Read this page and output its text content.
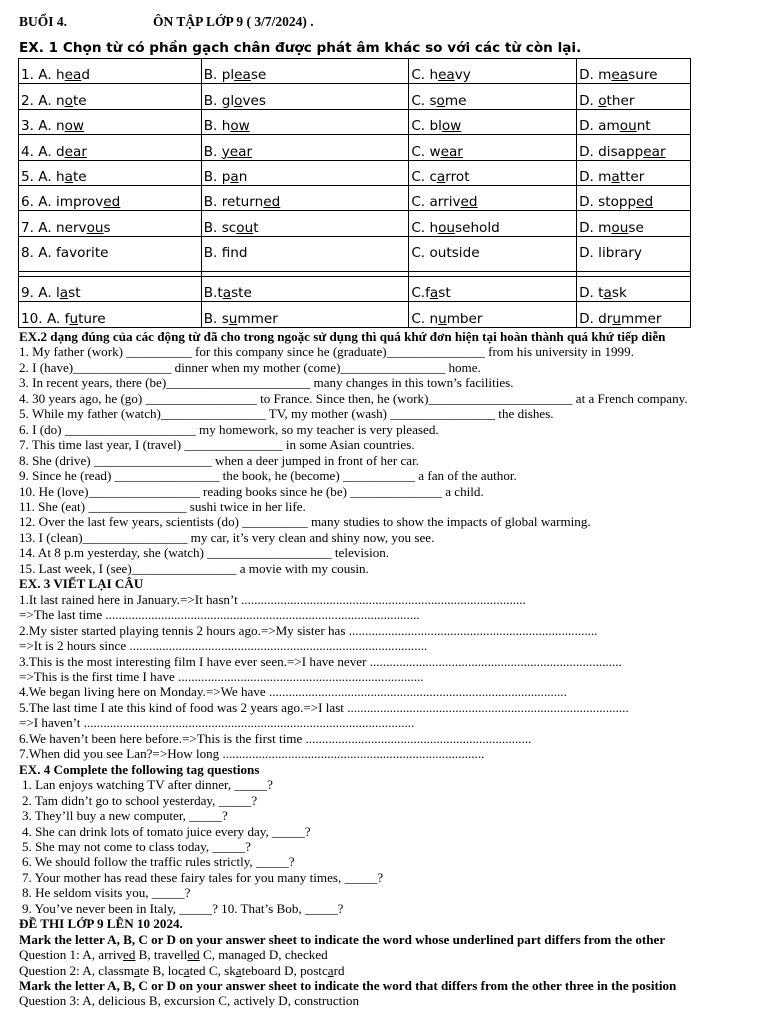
BUỔI 4.	ÔN TẬP LỚP 9 ( 3/7/2024) .
EX. 1 Chọn từ có phần gạch chân được phát âm khác so với các từ còn lại.
1. A. head	B. please	C. heavy	D. measure
2. A. note	B. gloves	C. some	D. other
3. A. now	B. how	C. blow	D. amount
4. A. dear	B. year	C. wear	D. disappear
5. A. hate	B. pan	C. carrot	D. matter
6. A. improved	B. returned	C. arrived	D. stopped
7. A. nervous	B. scout	C. household	D. mouse
8. A. favorite	B. find	C. outside	D. library

9. A. last	B.taste	C.fast	D. task
10. A. future	B. summer	C. number	D. drummer
EX.2 dạng đúng của các động từ đã cho trong ngoặc sử dụng thì quá khứ đơn hiện tại hoàn thành quá khứ tiếp diễn
1. My father (work) __________ for this company since he (graduate)_______________ from his university in 1999.
2. I (have)_______________ dinner when my mother (come)________________ home.
3. In recent years, there (be)______________________ many changes in this town’s facilities.
4. 30 years ago, he (go) _________________ to France. Since then, he (work)______________________ at a French company.
5. While my father (watch)________________ TV, my mother (wash) ________________ the dishes.
6. I (do) ____________________ my homework, so my teacher is very pleased.
7. This time last year, I (travel) _______________ in some Asian countries.
8. She (drive) __________________ when a deer jumped in front of her car.
9. Since he (read) ________________ the book, he (become) ___________ a fan of the author.
10. He (love)_________________ reading books since he (be) ______________ a child.
11. She (eat) _______________ sushi twice in her life.
12. Over the last few years, scientists (do) __________ many studies to show the impacts of global warming.
13. I (clean)________________ my car, it’s very clean and shiny now, you see.
14. At 8 p.m yesterday, she (watch) ___________________ television.
15. Last week, I (see)________________ a movie with my cousin.
EX. 3 VIẾT LẠI CÂU
1.It last rained here in January.=>It hasn’t .......................................................................................
=>The last time ................................................................................................
2.My sister started playing tennis 2 hours ago.=>My sister has ............................................................................
=>It is 2 hours since ...........................................................................................
3.This is the most interesting film I have ever seen.=>I have never .............................................................................
=>This is the first time I have ...........................................................................
4.We began living here on Monday.=>We have ...........................................................................................
5.The last time I ate this kind of food was 2 years ago.=>I last ......................................................................................
=>I haven’t .....................................................................................................
6.We haven’t been here before.=>This is the first time .....................................................................
7.When did you see Lan?=>How long ................................................................................
EX. 4 Complete the following tag questions
1. Lan enjoys watching TV after dinner, _____?
2. Tam didn’t go to school yesterday, _____?
3. They’ll buy a new computer, _____?
4. She can drink lots of tomato juice every day, _____?
5. She may not come to class today, _____?
6. We should follow the traffic rules strictly, _____?
7. Your mother has read these fairy tales for you many times, _____?
8. He seldom visits you, _____?
9. You’ve never been in Italy, _____? 10. That’s Bob, _____?
ĐỀ THI LỚP 9 LÊN 10 2024.
Mark the letter A, B, C or D on your answer sheet to indicate the word whose underlined part differs from the other
Question 1: A, arrived B, travelled C, managed D, checked
Question 2: A, classmate B, located C, skateboard D, postcard
Mark the letter A, B, C or D on your answer sheet to indicate the word that differs from the other three in the position
Question 3: A, delicious B, excursion C, actively D, construction
